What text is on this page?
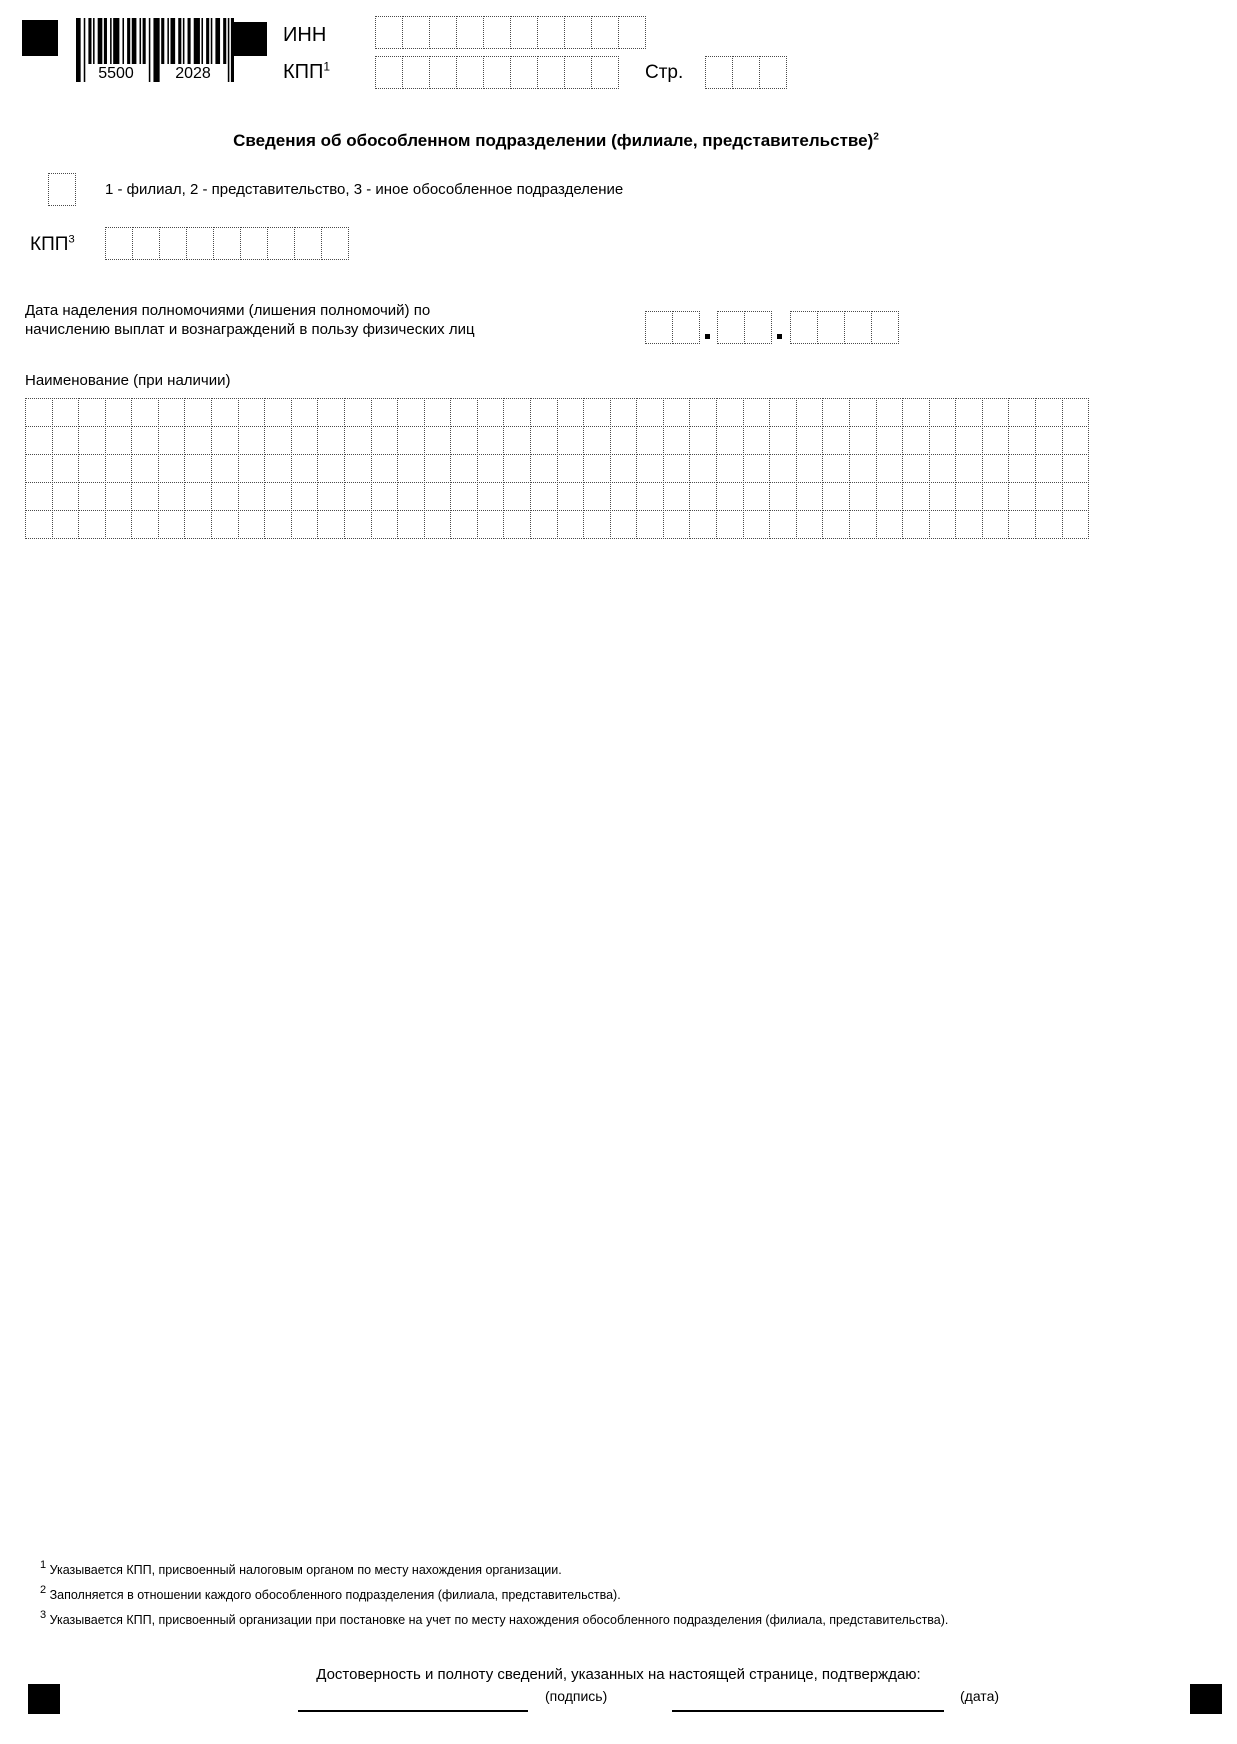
5500	2028
ИНН
КПП$^1$	Стр.
Сведения об обособленном подразделении (филиале, представительстве)$^2$
1 - филиал, 2 - представительство, 3 - иное обособленное подразделение
КПП$^3$
Дата наделения полномочиями (лишения полномочий) по
начислению выплат и вознаграждений в пользу физических лиц
Наименование (при наличии)
$^1$ Указывается КПП, присвоенный налоговым органом по месту нахождения организации.
$^2$ Заполняется в отношении каждого обособленного подразделения (филиала, представительства).
$^3$ Указывается КПП, присвоенный организации при постановке на учет по месту нахождения обособленного подразделения (филиала, представительства).
Достоверность и полноту сведений, указанных на настоящей странице, подтверждаю:
(подпись)	(дата)
